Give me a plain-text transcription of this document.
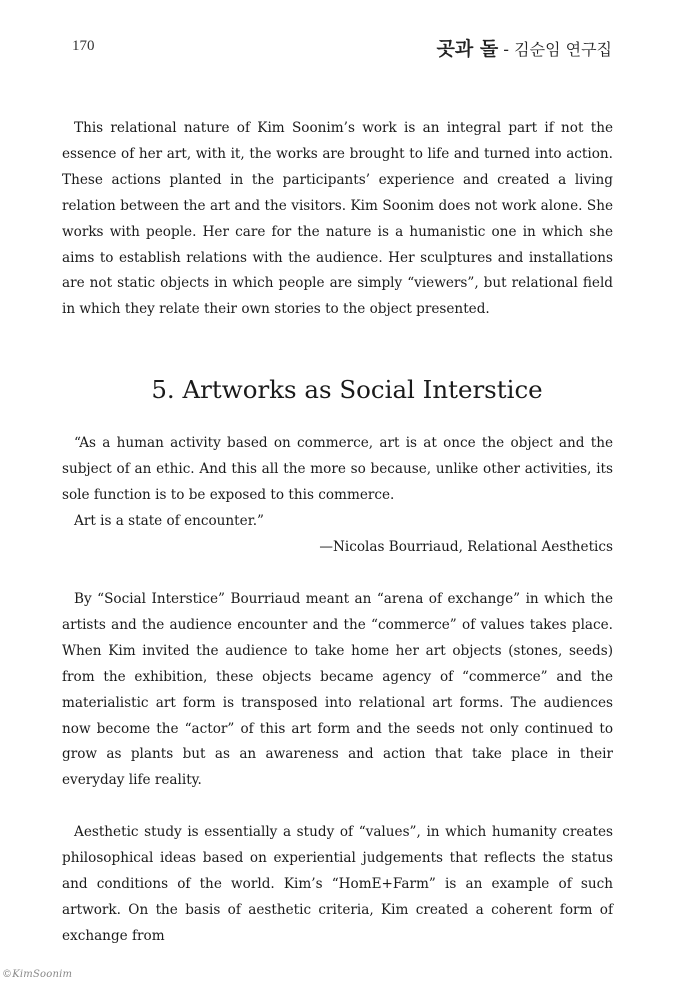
170	곳과 돌 - 김순임 연구집

This relational nature of Kim Soonim’s work is an integral part if not the essence of her art, with it, the works are brought to life and turned into action. These actions planted in the participants’ experience and created a living relation between the art and the visitors. Kim Soonim does not work alone. She works with people. Her care for the nature is a humanistic one in which she aims to establish relations with the audience. Her sculptures and installations are not static objects in which people are simply “viewers”, but relational field in which they relate their own stories to the object presented.

5. Artworks as Social Interstice

“As a human activity based on commerce, art is at once the object and the subject of an ethic. And this all the more so because, unlike other activities, its sole function is to be exposed to this commerce.

Art is a state of encounter.”

—Nicolas Bourriaud, Relational Aesthetics

By “Social Interstice” Bourriaud meant an “arena of exchange” in which the artists and the audience encounter and the “commerce” of values takes place. When Kim invited the audience to take home her art objects (stones, seeds) from the exhibition, these objects became agency of “commerce” and the materialistic art form is transposed into relational art forms. The audiences now become the “actor” of this art form and the seeds not only continued to grow as plants but as an awareness and action that take place in their everyday life reality.

Aesthetic study is essentially a study of “values”, in which humanity creates philosophical ideas based on experiential judgements that reflects the status and conditions of the world. Kim’s “HomE+Farm” is an example of such artwork. On the basis of aesthetic criteria, Kim created a coherent form of exchange from

©KimSoonim
